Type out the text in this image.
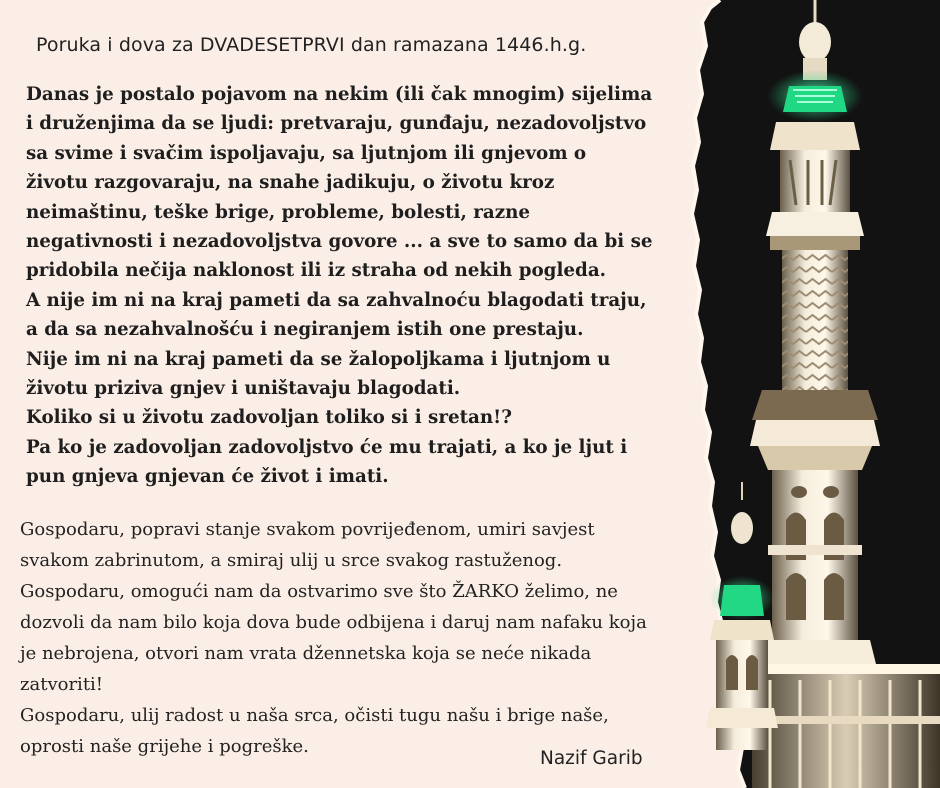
Poruka i dova za DVADESETPRVI dan ramazana 1446.h.g.
Danas je postalo pojavom na nekim (ili čak mnogim) sijelima
i druženjima da se ljudi: pretvaraju, gunđaju, nezadovoljstvo
sa svime i svačim ispoljavaju, sa ljutnjom ili gnjevom o
životu razgovaraju, na snahe jadikuju, o životu kroz
neimaštinu, teške brige, probleme, bolesti, razne
negativnosti i nezadovoljstva govore ... a sve to samo da bi se
pridobila nečija naklonost ili iz straha od nekih pogleda.
A nije im ni na kraj pameti da sa zahvalnoću blagodati traju,
a da sa nezahvalnošću i negiranjem istih one prestaju.
Nije im ni na kraj pameti da se žalopoljkama i ljutnjom u
životu priziva gnjev i uništavaju blagodati.
Koliko si u životu zadovoljan toliko si i sretan!?
Pa ko je zadovoljan zadovoljstvo će mu trajati, a ko je ljut i
pun gnjeva gnjevan će život i imati.
Gospodaru, popravi stanje svakom povrijeđenom, umiri savjest
svakom zabrinutom, a smiraj ulij u srce svakog rastuženog.
Gospodaru, omogući nam da ostvarimo sve što ŽARKO želimo, ne
dozvoli da nam bilo koja dova bude odbijena i daruj nam nafaku koja
je nebrojena, otvori nam vrata džennetska koja se neće nikada
zatvoriti!
Gospodaru, ulij radost u naša srca, očisti tugu našu i brige naše,
oprosti naše grijehe i pogreške.
Nazif Garib
